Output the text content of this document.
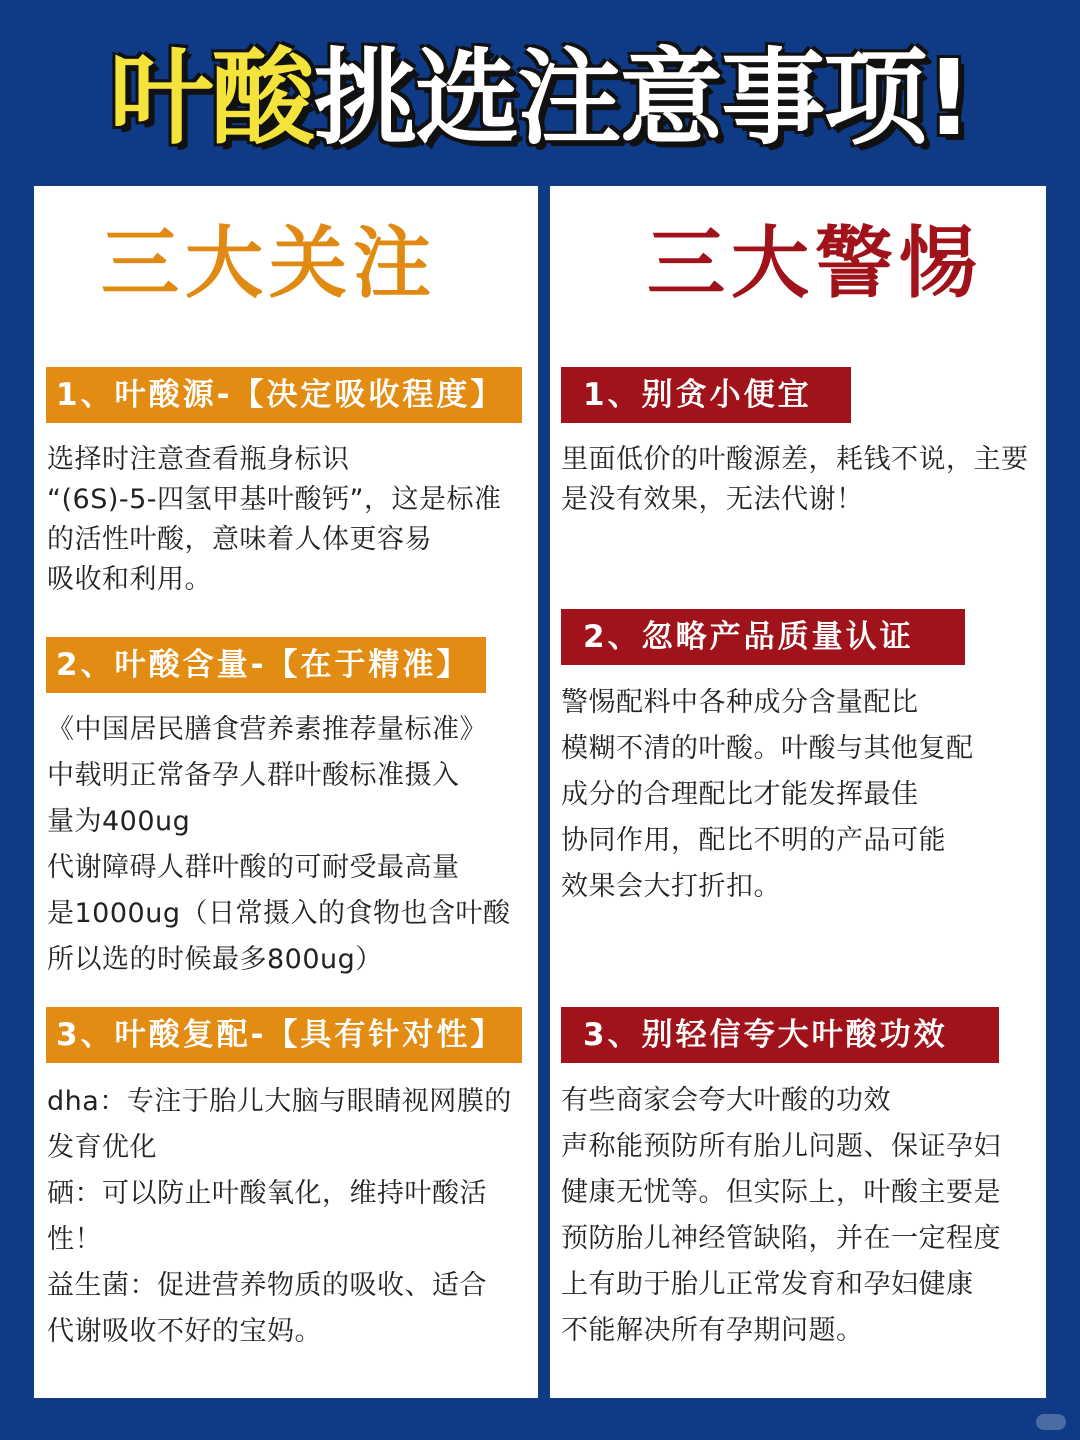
叶酸挑选注意事项!
三大关注	三大警惕
1、叶酸源-【决定吸收程度】
选择时注意查看瓶身标识
“(6S)-5-四氢甲基叶酸钙”，这是标准
的活性叶酸，意味着人体更容易
吸收和利用。
2、叶酸含量-【在于精准】
《中国居民膳食营养素推荐量标准》
中载明正常备孕人群叶酸标准摄入
量为400ug
代谢障碍人群叶酸的可耐受最高量
是1000ug（日常摄入的食物也含叶酸
所以选的时候最多800ug）
3、叶酸复配-【具有针对性】
dha：专注于胎儿大脑与眼睛视网膜的
发育优化
硒：可以防止叶酸氧化，维持叶酸活性！
益生菌：促进营养物质的吸收、适合
代谢吸收不好的宝妈。
1、别贪小便宜
里面低价的叶酸源差，耗钱不说，主要
是没有效果，无法代谢！
2、忽略产品质量认证
警惕配料中各种成分含量配比
模糊不清的叶酸。叶酸与其他复配
成分的合理配比才能发挥最佳
协同作用，配比不明的产品可能
效果会大打折扣。
3、别轻信夸大叶酸功效
有些商家会夸大叶酸的功效
声称能预防所有胎儿问题、保证孕妇
健康无忧等。但实际上，叶酸主要是
预防胎儿神经管缺陷，并在一定程度
上有助于胎儿正常发育和孕妇健康
不能解决所有孕期问题。
